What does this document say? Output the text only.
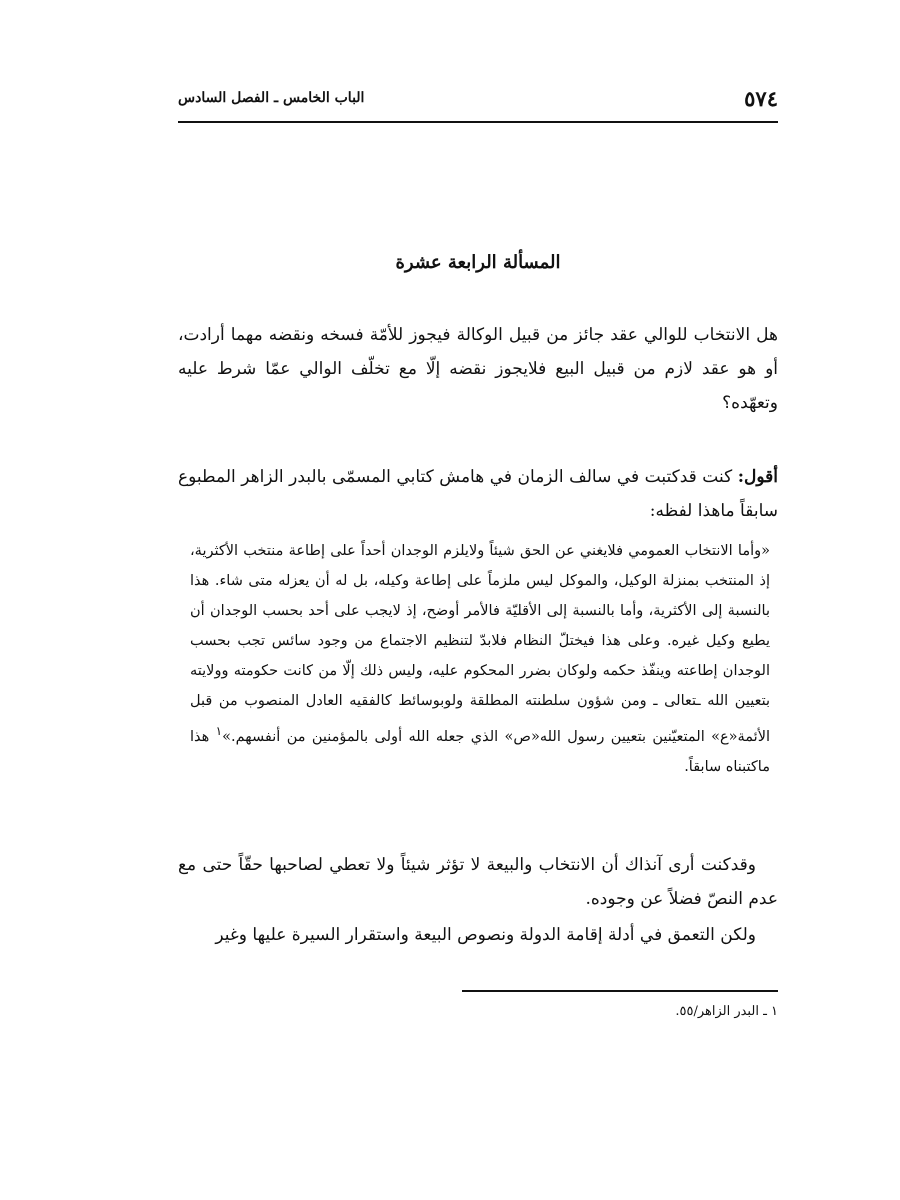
٥٧٤
الباب الخامس ـ الفصل السادس
المسألة الرابعة عشرة

هل الانتخاب للوالي عقد جائز من قبيل الوكالة فيجوز للأمّة فسخه ونقضه مهما أرادت، أو هو عقد لازم من قبيل البيع فلايجوز نقضه إلّا مع تخلّف الوالي عمّا شرط عليه وتعهّده؟

أقول: كنت قدكتبت في سالف الزمان في هامش كتابي المسمّى بالبدر الزاهر المطبوع سابقاً ماهذا لفظه:

«وأما الانتخاب العمومي فلايغني عن الحق شيئاً ولايلزم الوجدان أحداً على إطاعة منتخب الأكثرية، إذ المنتخب بمنزلة الوكيل، والموكل ليس ملزماً على إطاعة وكيله، بل له أن يعزله متى شاء. هذا بالنسبة إلى الأكثرية، وأما بالنسبة إلى الأقليّة فالأمر أوضح، إذ لايجب على أحد بحسب الوجدان أن يطيع وكيل غيره. وعلى هذا فيختلّ النظام فلابدّ لتنظيم الاجتماع من وجود سائس تجب بحسب الوجدان إطاعته وينفّذ حكمه ولوكان بضرر المحكوم عليه، وليس ذلك إلّا من كانت حكومته وولايته بتعيين الله ـتعالى ـ ومن شؤون سلطنته المطلقة ولوبوسائط كالفقيه العادل المنصوب من قبل الأئمة«ع» المتعيّنين بتعيين رسول الله«ص» الذي جعله الله أولى بالمؤمنين من أنفسهم.»$^١$ هذا ماكتبناه سابقاً.

وقدكنت أرى آنذاك أن الانتخاب والبيعة لا تؤثر شيئاً ولا تعطي لصاحبها حقّاً حتى مع عدم النصّ فضلاً عن وجوده.

ولكن التعمق في أدلة إقامة الدولة ونصوص البيعة واستقرار السيرة عليها وغير

١ ـ البدر الزاهر/٥٥.
